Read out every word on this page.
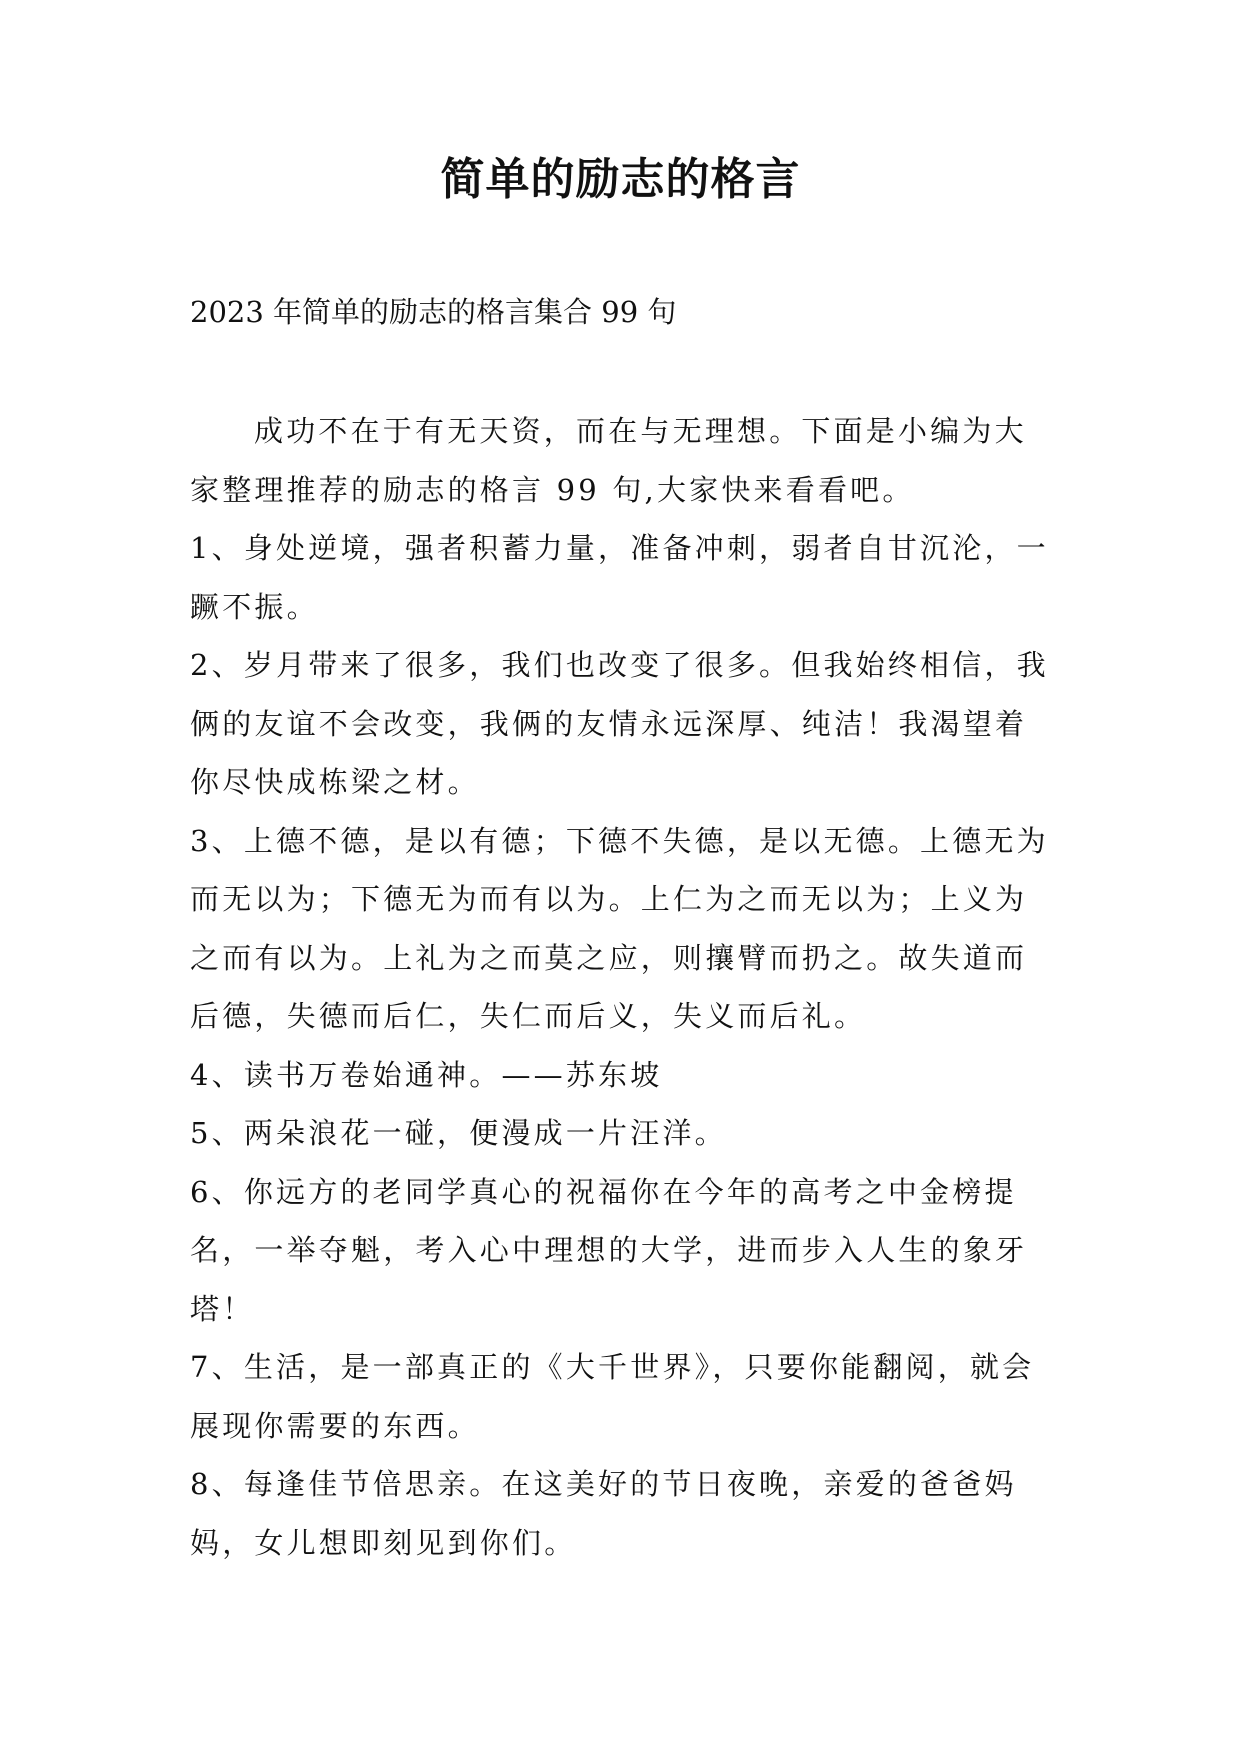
简单的励志的格言
2023 年简单的励志的格言集合 99 句

成功不在于有无天资，而在与无理想。下面是小编为大家整理推荐的励志的格言 99 句,大家快来看看吧。

1、身处逆境，强者积蓄力量，准备冲刺，弱者自甘沉沦，一蹶不振。

2、岁月带来了很多，我们也改变了很多。但我始终相信，我俩的友谊不会改变，我俩的友情永远深厚、纯洁！我渴望着你尽快成栋梁之材。

3、上德不德，是以有德；下德不失德，是以无德。上德无为而无以为；下德无为而有以为。上仁为之而无以为；上义为之而有以为。上礼为之而莫之应，则攘臂而扔之。故失道而后德，失德而后仁，失仁而后义，失义而后礼。

4、读书万卷始通神。——苏东坡

5、两朵浪花一碰，便漫成一片汪洋。

6、你远方的老同学真心的祝福你在今年的高考之中金榜提名，一举夺魁，考入心中理想的大学，进而步入人生的象牙塔！

7、生活，是一部真正的《大千世界》，只要你能翻阅，就会展现你需要的东西。

8、每逢佳节倍思亲。在这美好的节日夜晚，亲爱的爸爸妈妈，女儿想即刻见到你们。
